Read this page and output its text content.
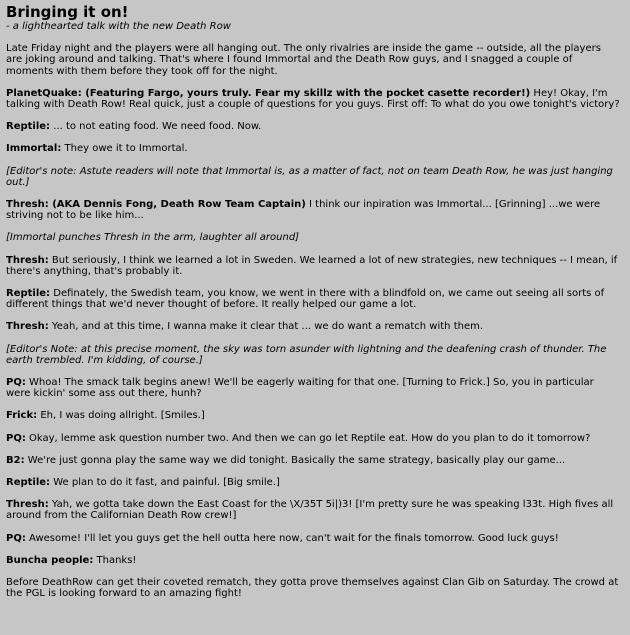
Bringing it on!
- a lighthearted talk with the new Death Row

Late Friday night and the players were all hanging out. The only rivalries are inside the game -- outside, all the players are joking around and talking. That's where I found Immortal and the Death Row guys, and I snagged a couple of moments with them before they took off for the night.

PlanetQuake: (Featuring Fargo, yours truly. Fear my skillz with the pocket casette recorder!) Hey! Okay, I'm talking with Death Row! Real quick, just a couple of questions for you guys. First off: To what do you owe tonight's victory?

Reptile: ... to not eating food. We need food. Now.

Immortal: They owe it to Immortal.

[Editor's note: Astute readers will note that Immortal is, as a matter of fact, not on team Death Row, he was just hanging out.]

Thresh: (AKA Dennis Fong, Death Row Team Captain) I think our inpiration was Immortal... [Grinning] ...we were striving not to be like him...

[Immortal punches Thresh in the arm, laughter all around]

Thresh: But seriously, I think we learned a lot in Sweden. We learned a lot of new strategies, new techniques -- I mean, if there's anything, that's probably it.

Reptile: Definately, the Swedish team, you know, we went in there with a blindfold on, we came out seeing all sorts of different things that we'd never thought of before. It really helped our game a lot.

Thresh: Yeah, and at this time, I wanna make it clear that ... we do want a rematch with them.

[Editor's Note: at this precise moment, the sky was torn asunder with lightning and the deafening crash of thunder. The earth trembled. I'm kidding, of course.]

PQ: Whoa! The smack talk begins anew! We'll be eagerly waiting for that one. [Turning to Frick.] So, you in particular were kickin' some ass out there, hunh?

Frick: Eh, I was doing allright. [Smiles.]

PQ: Okay, lemme ask question number two. And then we can go let Reptile eat. How do you plan to do it tomorrow?

B2: We're just gonna play the same way we did tonight. Basically the same strategy, basically play our game...

Reptile: We plan to do it fast, and painful. [Big smile.]

Thresh: Yah, we gotta take down the East Coast for the \X/35T 5i|)3! [I'm pretty sure he was speaking l33t. High fives all around from the Californian Death Row crew!]

PQ: Awesome! I'll let you guys get the hell outta here now, can't wait for the finals tomorrow. Good luck guys!

Buncha people: Thanks!

Before DeathRow can get their coveted rematch, they gotta prove themselves against Clan Gib on Saturday. The crowd at the PGL is looking forward to an amazing fight!
